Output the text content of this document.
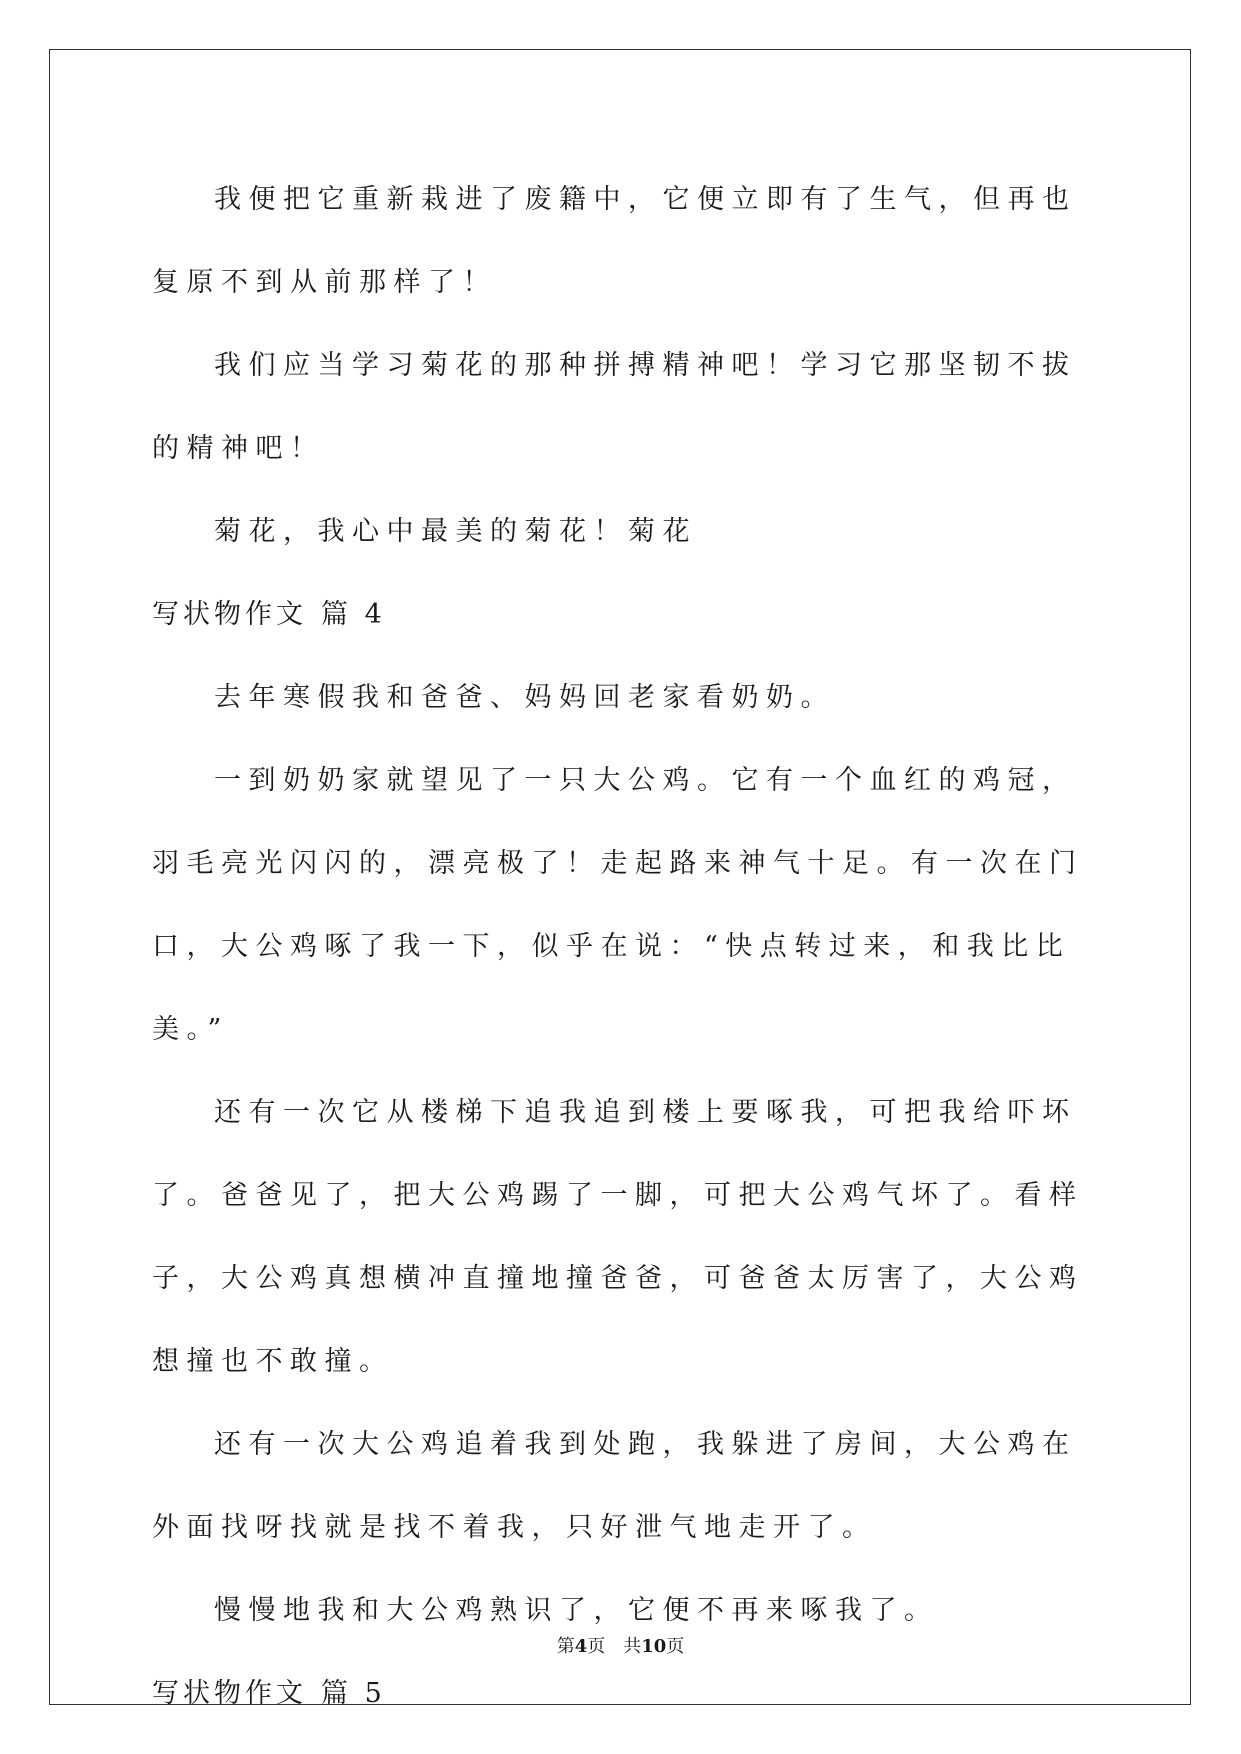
我便把它重新栽进了废籍中，它便立即有了生气，但再也复原不到从前那样了！

我们应当学习菊花的那种拼搏精神吧！学习它那坚韧不拔的精神吧！

菊花，我心中最美的菊花！菊花

写状物作文 篇 4

去年寒假我和爸爸、妈妈回老家看奶奶。

一到奶奶家就望见了一只大公鸡。它有一个血红的鸡冠，羽毛亮光闪闪的，漂亮极了！走起路来神气十足。有一次在门口，大公鸡啄了我一下，似乎在说：“快点转过来，和我比比美。”

还有一次它从楼梯下追我追到楼上要啄我，可把我给吓坏了。爸爸见了，把大公鸡踢了一脚，可把大公鸡气坏了。看样子，大公鸡真想横冲直撞地撞爸爸，可爸爸太厉害了，大公鸡想撞也不敢撞。

还有一次大公鸡追着我到处跑，我躲进了房间，大公鸡在外面找呀找就是找不着我，只好泄气地走开了。

慢慢地我和大公鸡熟识了，它便不再来啄我了。

写状物作文 篇 5

第4页 共10页
